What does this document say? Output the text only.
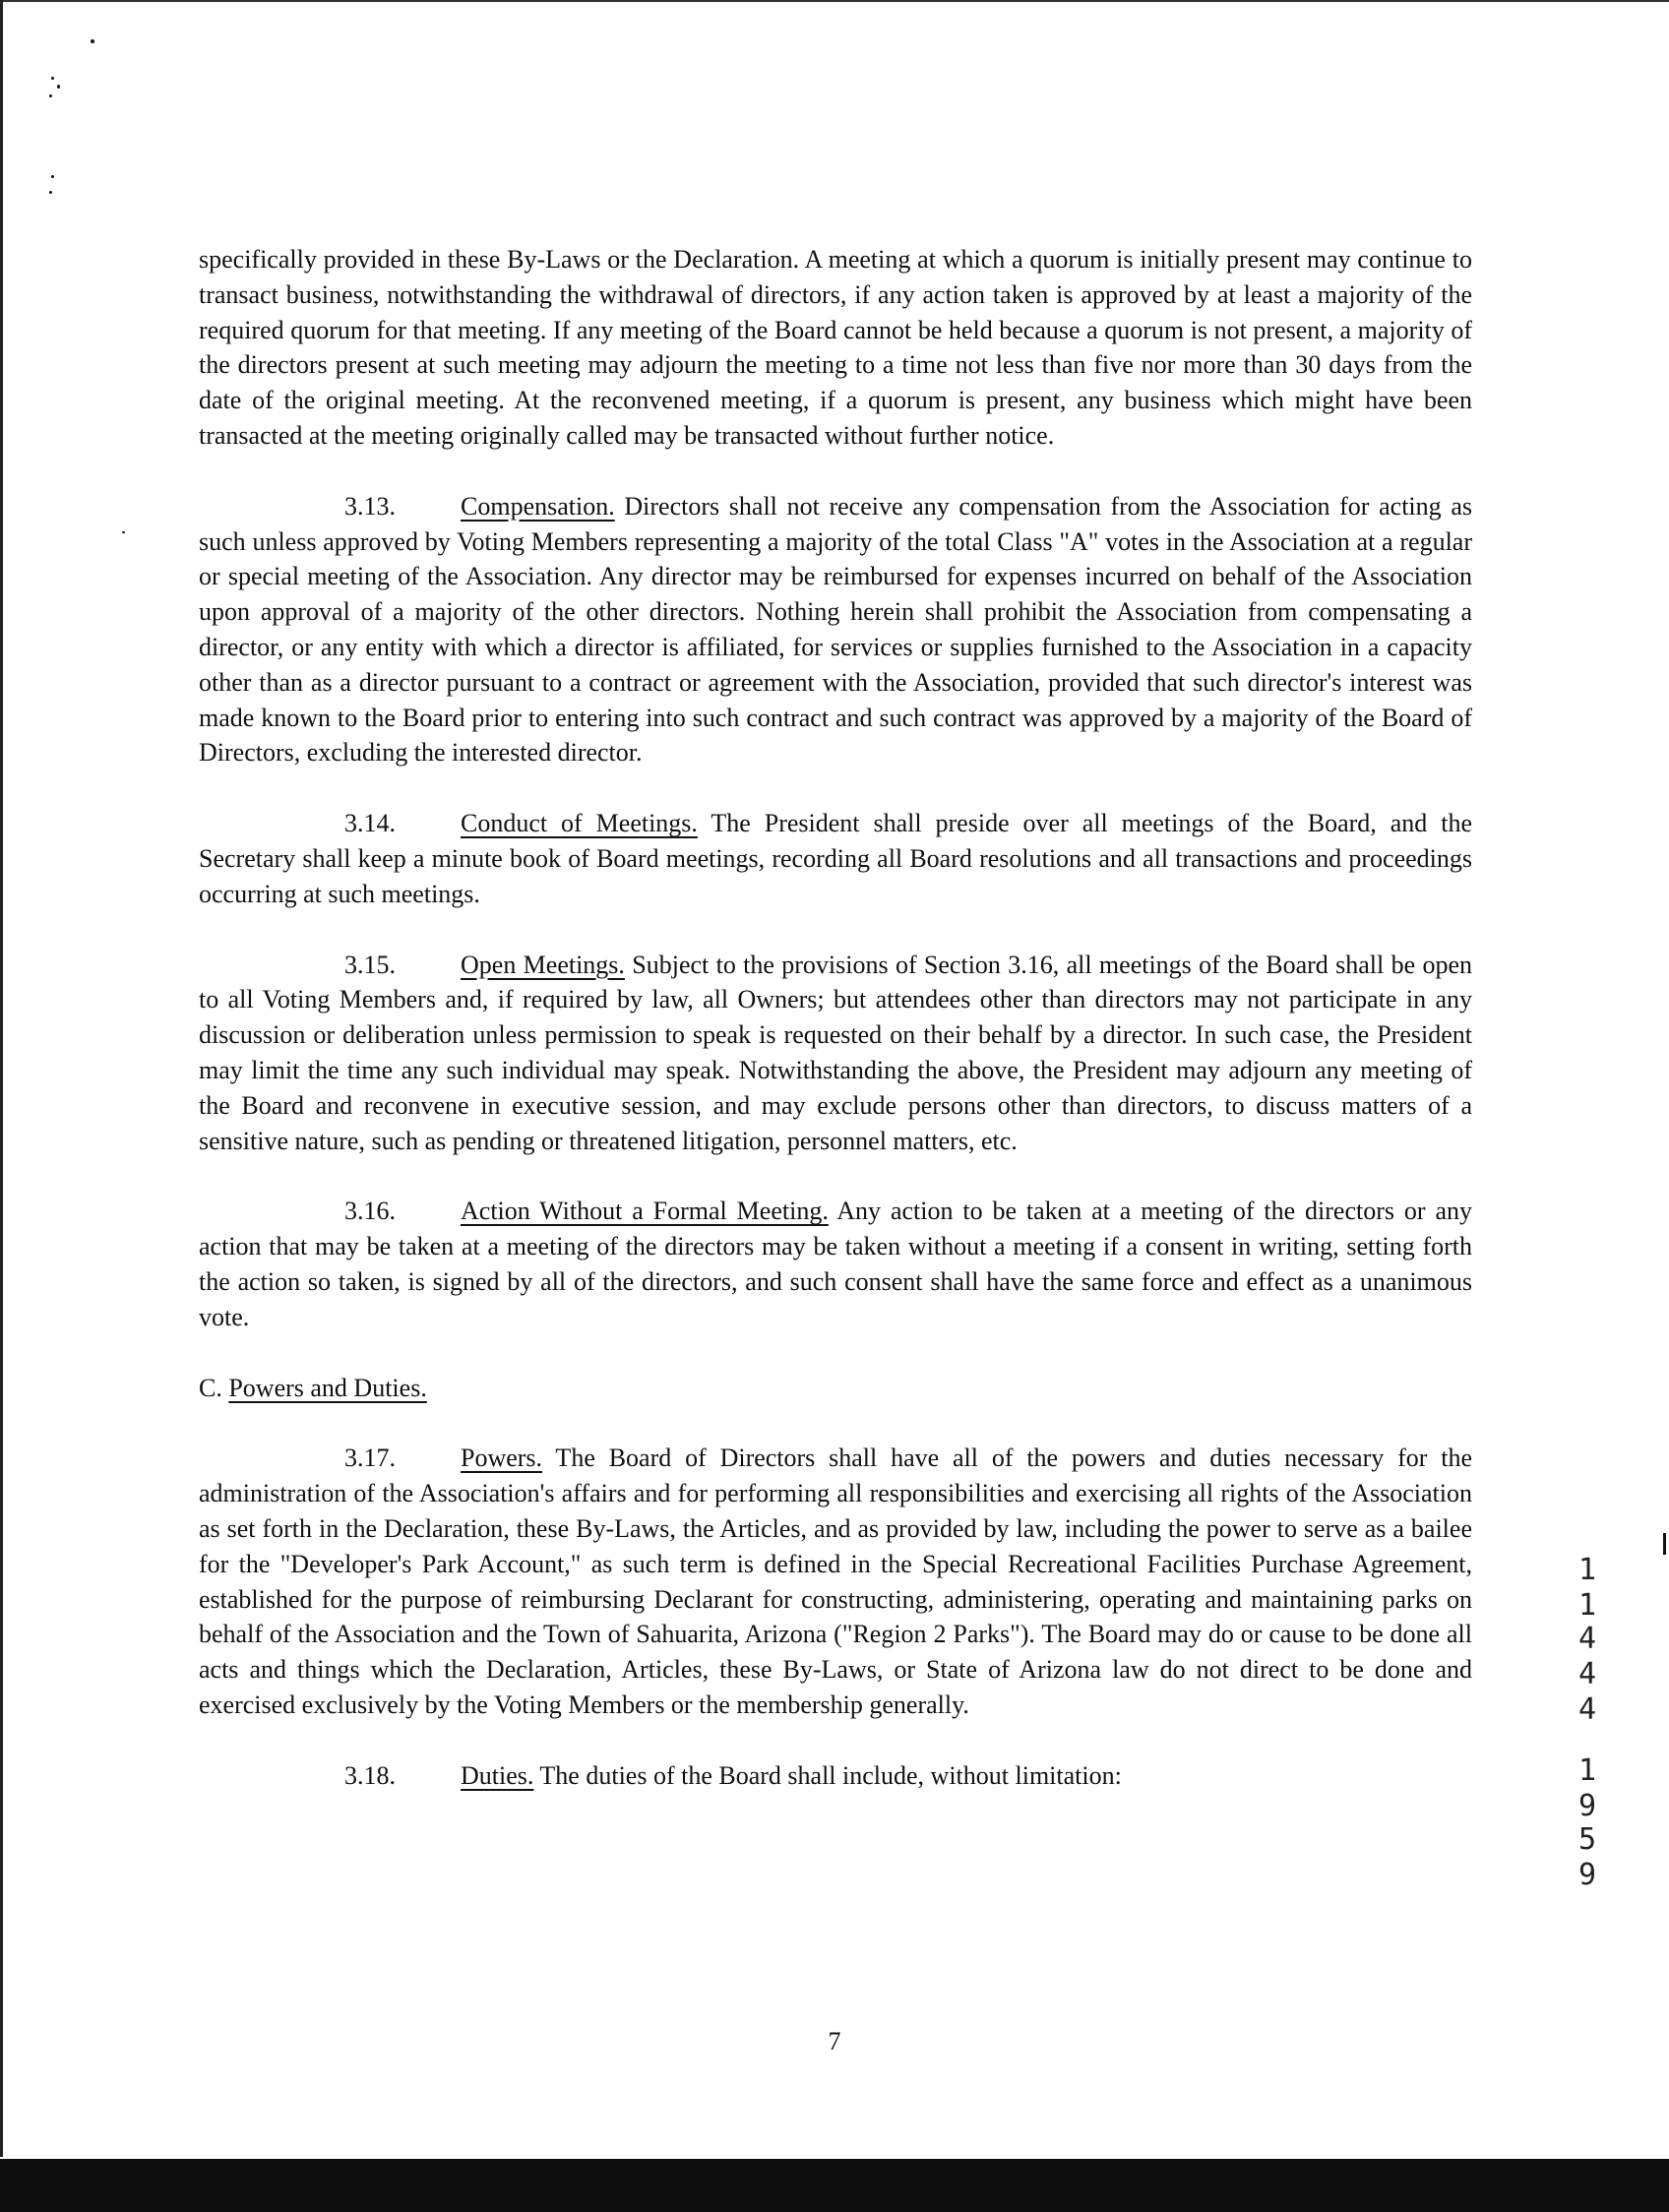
specifically provided in these By-Laws or the Declaration. A meeting at which a quorum is initially present may continue to transact business, notwithstanding the withdrawal of directors, if any action taken is approved by at least a majority of the required quorum for that meeting. If any meeting of the Board cannot be held because a quorum is not present, a majority of the directors present at such meeting may adjourn the meeting to a time not less than five nor more than 30 days from the date of the original meeting. At the reconvened meeting, if a quorum is present, any business which might have been transacted at the meeting originally called may be transacted without further notice.

3.13.	Compensation. Directors shall not receive any compensation from the Association for acting as such unless approved by Voting Members representing a majority of the total Class "A" votes in the Association at a regular or special meeting of the Association. Any director may be reimbursed for expenses incurred on behalf of the Association upon approval of a majority of the other directors. Nothing herein shall prohibit the Association from compensating a director, or any entity with which a director is affiliated, for services or supplies furnished to the Association in a capacity other than as a director pursuant to a contract or agreement with the Association, provided that such director's interest was made known to the Board prior to entering into such contract and such contract was approved by a majority of the Board of Directors, excluding the interested director.

3.14.	Conduct of Meetings. The President shall preside over all meetings of the Board, and the Secretary shall keep a minute book of Board meetings, recording all Board resolutions and all transactions and proceedings occurring at such meetings.

3.15.	Open Meetings. Subject to the provisions of Section 3.16, all meetings of the Board shall be open to all Voting Members and, if required by law, all Owners; but attendees other than directors may not participate in any discussion or deliberation unless permission to speak is requested on their behalf by a director. In such case, the President may limit the time any such individual may speak. Notwithstanding the above, the President may adjourn any meeting of the Board and reconvene in executive session, and may exclude persons other than directors, to discuss matters of a sensitive nature, such as pending or threatened litigation, personnel matters, etc.

3.16.	Action Without a Formal Meeting. Any action to be taken at a meeting of the directors or any action that may be taken at a meeting of the directors may be taken without a meeting if a consent in writing, setting forth the action so taken, is signed by all of the directors, and such consent shall have the same force and effect as a unanimous vote.

C. Powers and Duties.

3.17.	Powers. The Board of Directors shall have all of the powers and duties necessary for the administration of the Association's affairs and for performing all responsibilities and exercising all rights of the Association as set forth in the Declaration, these By-Laws, the Articles, and as provided by law, including the power to serve as a bailee for the "Developer's Park Account," as such term is defined in the Special Recreational Facilities Purchase Agreement, established for the purpose of reimbursing Declarant for constructing, administering, operating and maintaining parks on behalf of the Association and the Town of Sahuarita, Arizona ("Region 2 Parks"). The Board may do or cause to be done all acts and things which the Declaration, Articles, these By-Laws, or State of Arizona law do not direct to be done and exercised exclusively by the Voting Members or the membership generally.

3.18.	Duties. The duties of the Board shall include, without limitation:

1
1
4
4
4
1
9
5
9
7
